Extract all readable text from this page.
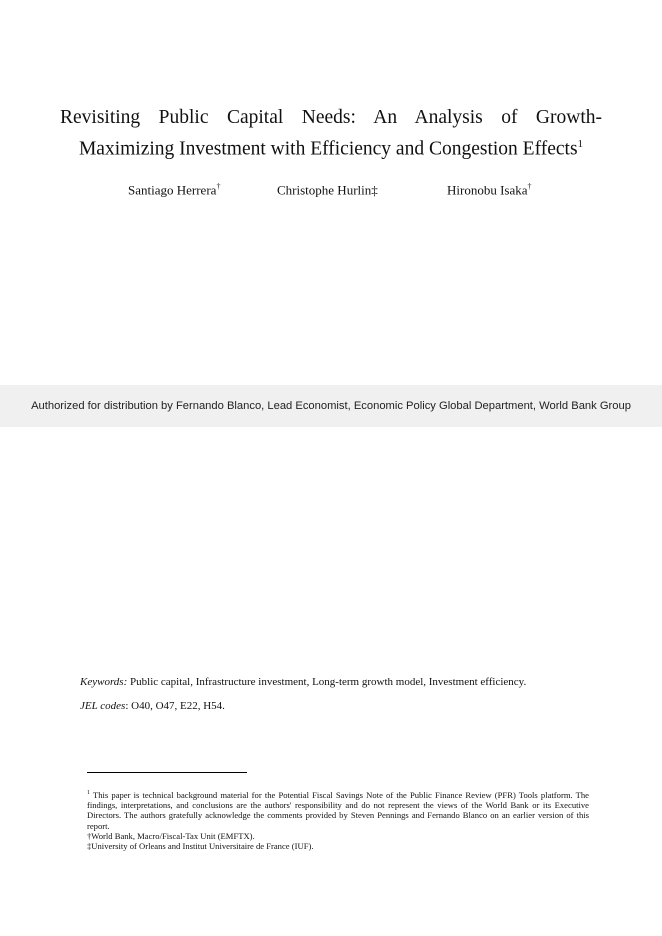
Revisiting Public Capital Needs: An Analysis of Growth-
Maximizing Investment with Efficiency and Congestion Effects$^1$
Santiago Herrera†	Christophe Hurlin‡	Hironobu Isaka†
Authorized for distribution by Fernando Blanco, Lead Economist, Economic Policy Global Department, World Bank Group
Keywords: Public capital, Infrastructure investment, Long-term growth model, Investment efficiency.
JEL codes: O40, O47, E22, H54.

$^1$ This paper is technical background material for the Potential Fiscal Savings Note of the Public Finance Review (PFR) Tools platform. The findings, interpretations, and conclusions are the authors' responsibility and do not represent the views of the World Bank or its Executive Directors. The authors gratefully acknowledge the comments provided by Steven Pennings and Fernando Blanco on an earlier version of this report.

†World Bank, Macro/Fiscal-Tax Unit (EMFTX).

‡University of Orleans and Institut Universitaire de France (IUF).
